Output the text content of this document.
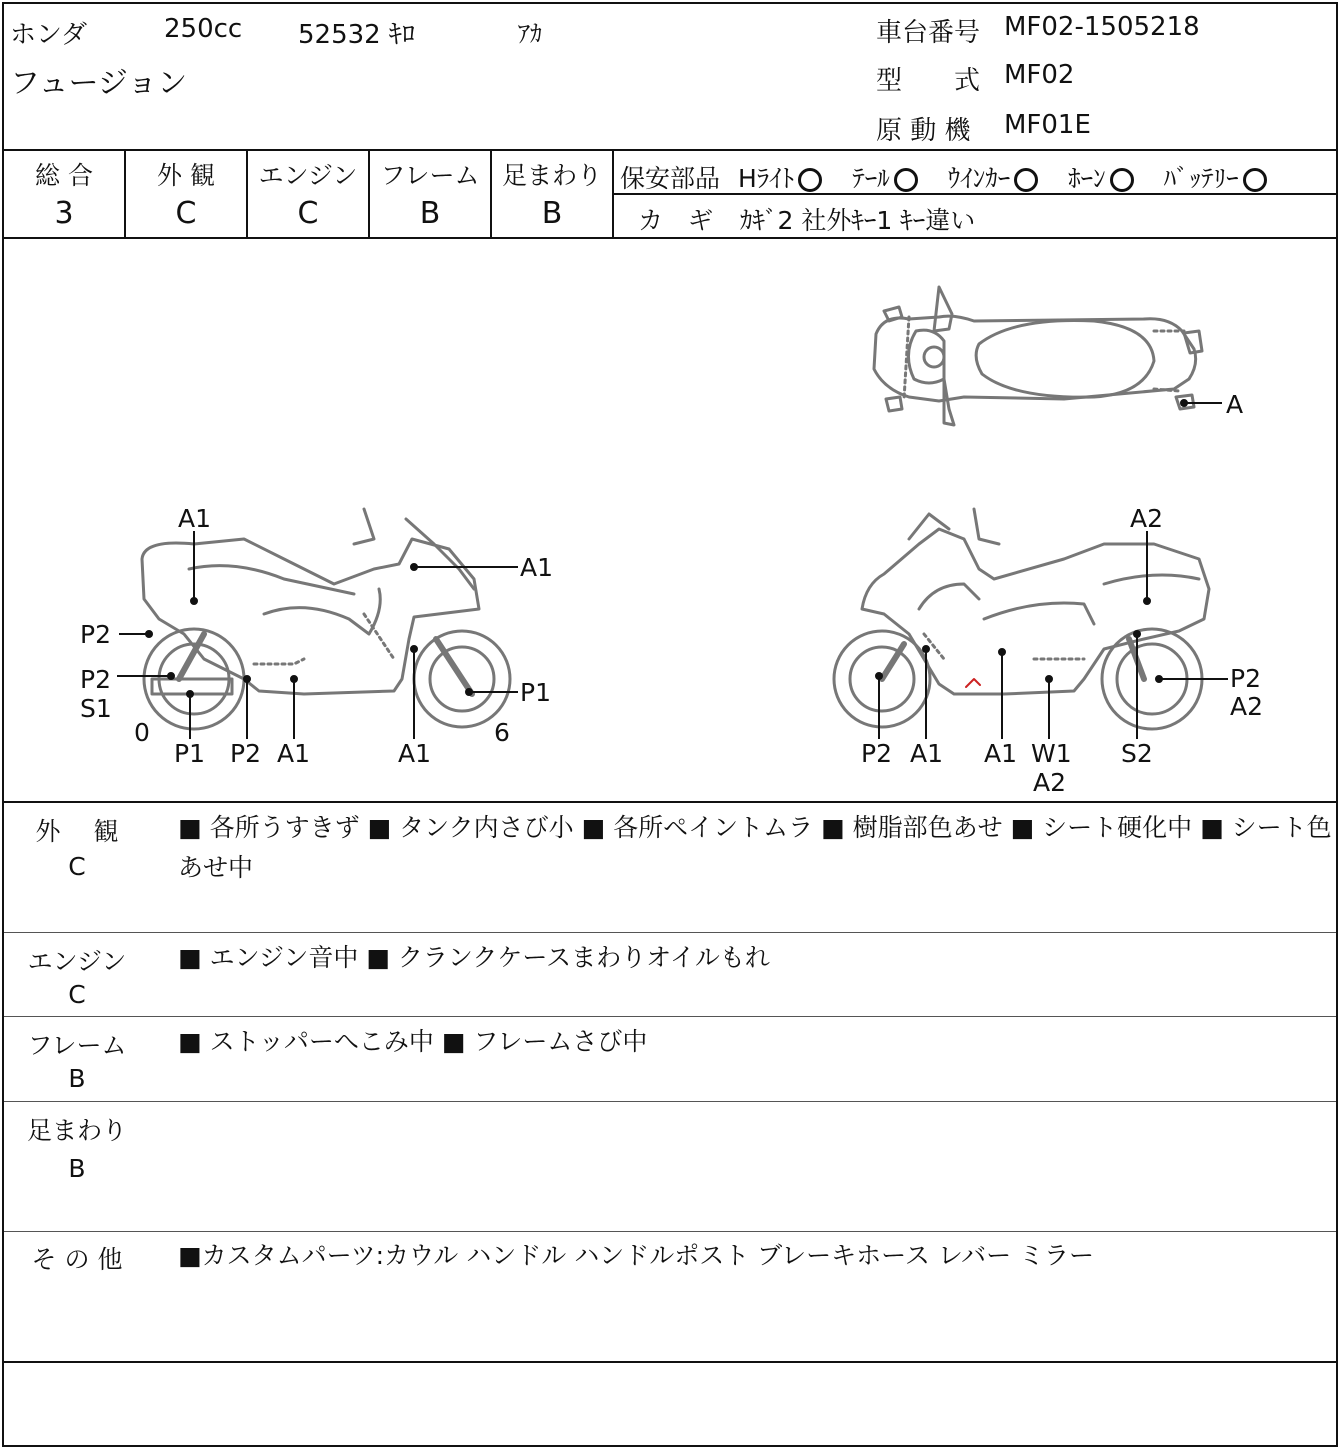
ホンダ	250cc 52532 ｷﾛ	ｱｶ
フュージョン
車台番号 MF02-1505218
型　　式 MF02
原 動 機 MF01E
総 合
3
外 観
C
エンジン
C
フレーム
B
足まわり
B
保安部品 Hﾗｲﾄ ﾃｰﾙ ｳｲﾝｶｰ ﾎｰﾝ ﾊﾞｯﾃﾘｰ
カ　ギ ｶｷﾞ2 社外ｷｰ1 ｷｰ違い
A
A1
A1
P2
P2
S1
0
P1 P2 A1	A1
6
P1
A2
P2
A2
P2 A1 A1 W1
A2
S2
外　 観
C
■ 各所うすきず ■ タンク内さび小 ■ 各所ペイントムラ ■ 樹脂部色あせ ■ シート硬化中 ■ シート色
あせ中
エンジン
C
■ エンジン音中 ■ クランクケースまわりオイルもれ
フレーム
B
■ ストッパーへこみ中 ■ フレームさび中
足まわり
B
そ の 他	■カスタムパーツ:カウル ハンドル ハンドルポスト ブレーキホース レバー ミラー
